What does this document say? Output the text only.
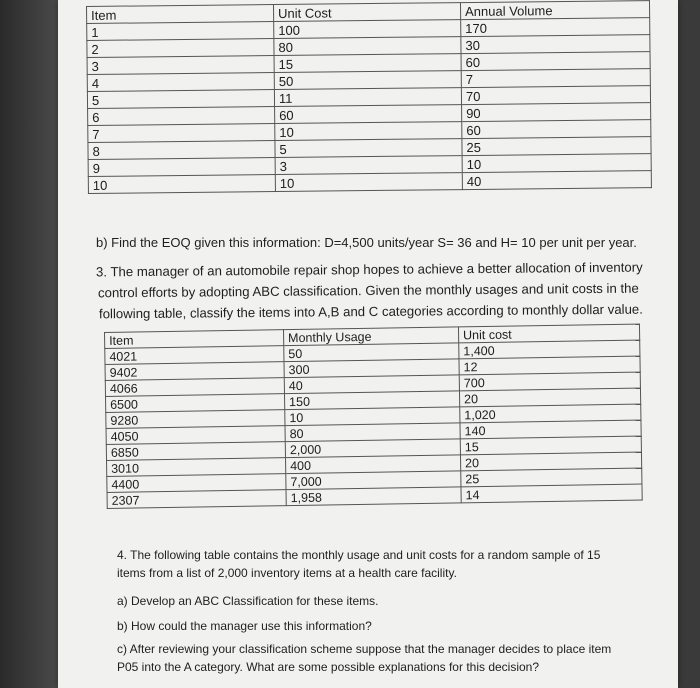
Item	Unit Cost	Annual Volume
1	100	170
2	80	30
3	15	60
4	50	7
5	11	70
6	60	90
7	10	60
8	5	25
9	3	10
10	10	40
b) Find the EOQ given this information: D=4,500 units/year S= 36 and H= 10 per unit per year.
3. The manager of an automobile repair shop hopes to achieve a better allocation of inventory
control efforts by adopting ABC classification. Given the monthly usages and unit costs in the
following table, classify the items into A,B and C categories according to monthly dollar value.
Item	Monthly Usage	Unit cost
4021	50	1,400
9402	300	12
4066	40	700
6500	150	20
9280	10	1,020
4050	80	140
6850	2,000	15
3010	400	20
4400	7,000	25
2307	1,958	14
4. The following table contains the monthly usage and unit costs for a random sample of 15
items from a list of 2,000 inventory items at a health care facility.
a) Develop an ABC Classification for these items.
b) How could the manager use this information?
c) After reviewing your classification scheme suppose that the manager decides to place item
P05 into the A category. What are some possible explanations for this decision?
